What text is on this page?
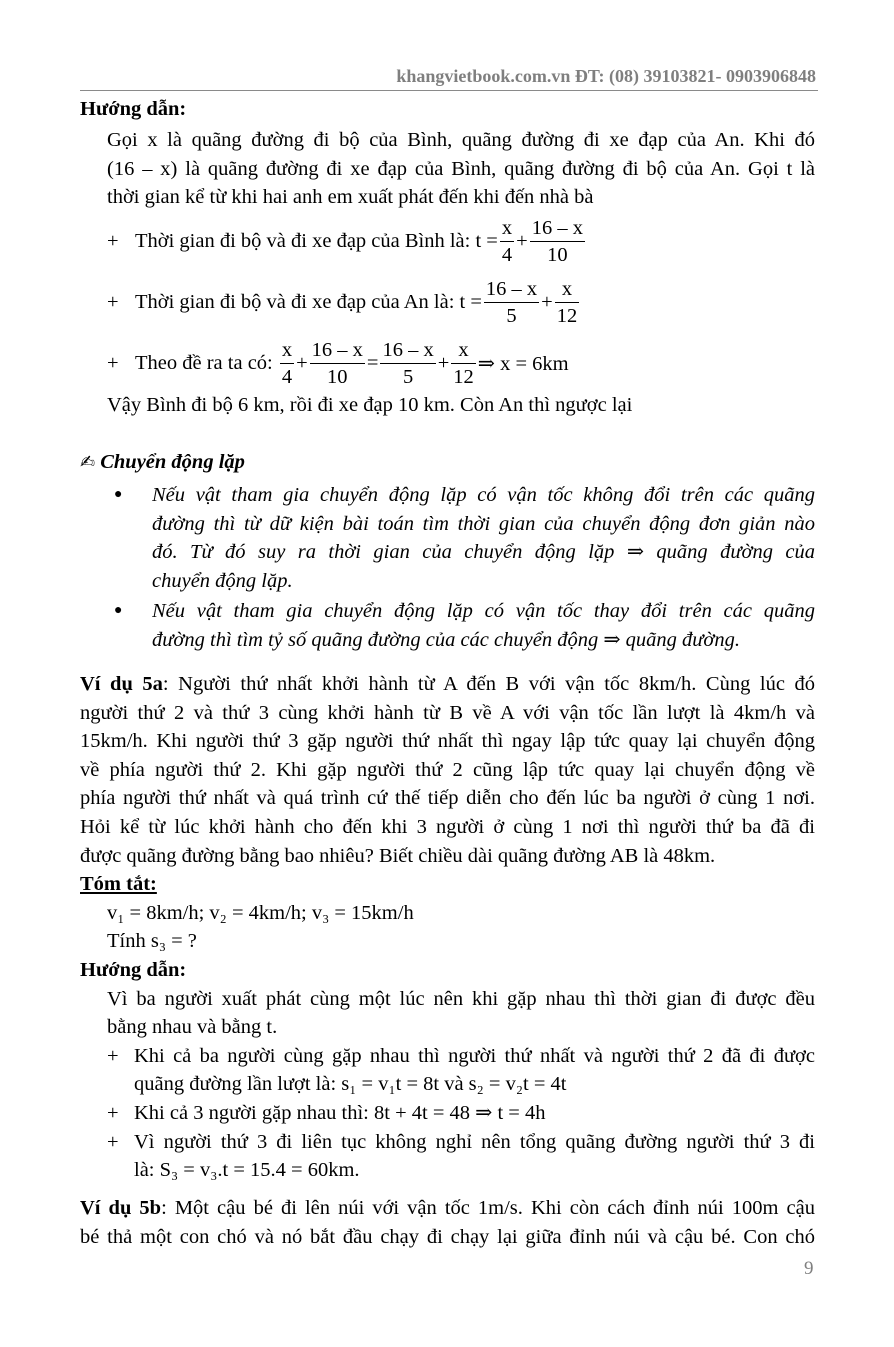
khangvietbook.com.vn ĐT: (08) 39103821- 0903906848
Hướng dẫn:
Gọi x là quãng đường đi bộ của Bình, quãng đường đi xe đạp của An. Khi đó
(16 – x) là quãng đường đi xe đạp của Bình, quãng đường đi bộ của An. Gọi t là
thời gian kể từ khi hai anh em xuất phát đến khi đến nhà bà
+ Thời gian đi bộ và đi xe đạp của Bình là:
$t = \frac{x}{4} + \frac{16 - x}{10}$
+ Thời gian đi bộ và đi xe đạp của An là:
$t = \frac{16 - x}{5} + \frac{x}{12}$
+ Theo đề ra ta có:
$\frac{x}{4} + \frac{16 - x}{10} = \frac{16 - x}{5} + \frac{x}{12}$ ⇒ x = 6km
Vậy Bình đi bộ 6 km, rồi đi xe đạp 10 km. Còn An thì ngược lại
✍ Chuyển động lặp
● Nếu vật tham gia chuyển động lặp có vận tốc không đổi trên các quãng
đường thì từ dữ kiện bài toán tìm thời gian của chuyển động đơn giản nào
đó. Từ đó suy ra thời gian của chuyển động lặp ⇒ quãng đường của
chuyển động lặp.
● Nếu vật tham gia chuyển động lặp có vận tốc thay đổi trên các quãng
đường thì tìm tỷ số quãng đường của các chuyển động ⇒ quãng đường.
Ví dụ 5a: Người thứ nhất khởi hành từ A đến B với vận tốc 8km/h. Cùng lúc đó
người thứ 2 và thứ 3 cùng khởi hành từ B về A với vận tốc lần lượt là 4km/h và
15km/h. Khi người thứ 3 gặp người thứ nhất thì ngay lập tức quay lại chuyển động
về phía người thứ 2. Khi gặp người thứ 2 cũng lập tức quay lại chuyển động về
phía người thứ nhất và quá trình cứ thế tiếp diễn cho đến lúc ba người ở cùng 1 nơi.
Hỏi kể từ lúc khởi hành cho đến khi 3 người ở cùng 1 nơi thì người thứ ba đã đi
được quãng đường bằng bao nhiêu? Biết chiều dài quãng đường AB là 48km.
Tóm tắt:
v₁ = 8km/h; v₂ = 4km/h; v₃ = 15km/h
Tính s₃ = ?
Hướng dẫn:
Vì ba người xuất phát cùng một lúc nên khi gặp nhau thì thời gian đi được đều
bằng nhau và bằng t.
+ Khi cả ba người cùng gặp nhau thì người thứ nhất và người thứ 2 đã đi được
quãng đường lần lượt là: s₁ = v₁t = 8t và s₂ = v₂t = 4t
+ Khi cả 3 người gặp nhau thì: 8t + 4t = 48 ⇒ t = 4h
+ Vì người thứ 3 đi liên tục không nghỉ nên tổng quãng đường người thứ 3 đi
là: S₃ = v₃.t = 15.4 = 60km.
Ví dụ 5b: Một cậu bé đi lên núi với vận tốc 1m/s. Khi còn cách đỉnh núi 100m cậu
bé thả một con chó và nó bắt đầu chạy đi chạy lại giữa đỉnh núi và cậu bé. Con chó
9
